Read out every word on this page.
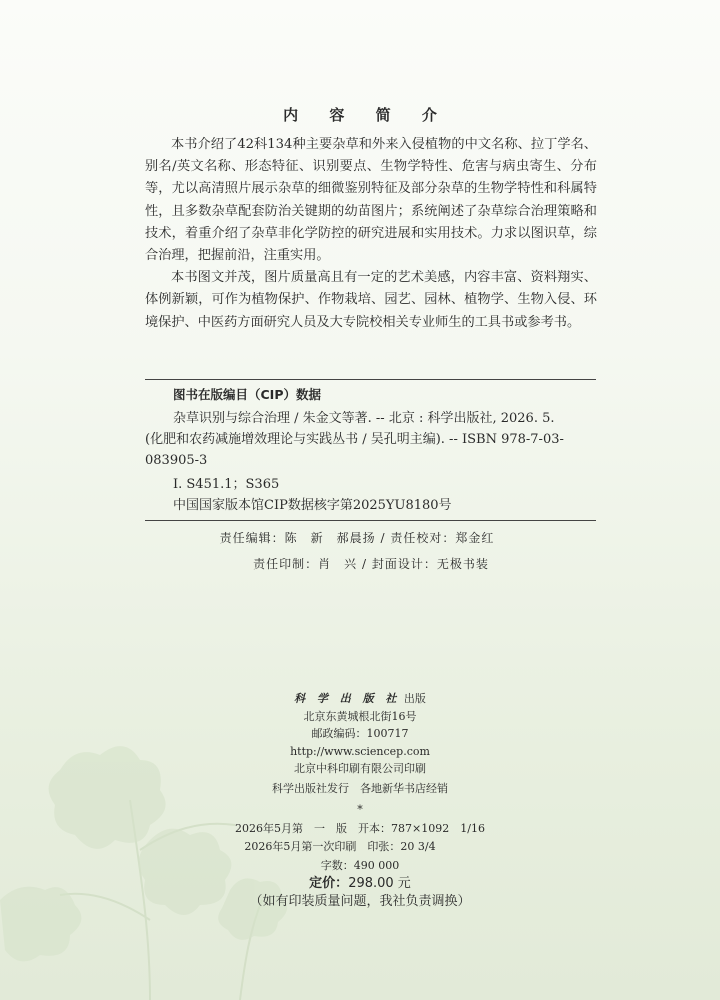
内 容 简 介

本书介绍了42科134种主要杂草和外来入侵植物的中文名称、拉丁学名、别名/英文名称、形态特征、识别要点、生物学特性、危害与病虫寄生、分布等，尤以高清照片展示杂草的细微鉴别特征及部分杂草的生物学特性和科属特性，且多数杂草配套防治关键期的幼苗图片；系统阐述了杂草综合治理策略和技术，着重介绍了杂草非化学防控的研究进展和实用技术。力求以图识草，综合治理，把握前沿，注重实用。

本书图文并茂，图片质量高且有一定的艺术美感，内容丰富、资料翔实、体例新颖，可作为植物保护、作物栽培、园艺、园林、植物学、生物入侵、环境保护、中医药方面研究人员及大专院校相关专业师生的工具书或参考书。

图书在版编目（CIP）数据
杂草识别与综合治理 / 朱金文等著. -- 北京 : 科学出版社, 2026. 5.
(化肥和农药减施增效理论与实践丛书 / 吴孔明主编). -- ISBN 978-7-03-
083905-3
Ⅰ. S451.1；S365
中国国家版本馆CIP数据核字第2025YU8180号
责任编辑：陈　新　郝晨扬 / 责任校对：郑金红
责任印制：肖　兴 / 封面设计：无极书装
科 学 出 版 社 出版
北京东黄城根北街16号
邮政编码：100717
http://www.sciencep.com
北京中科印刷有限公司印刷
科学出版社发行　各地新华书店经销
*
2026年5月第　一　版　开本：787×1092　1/16
2026年5月第一次印刷　印张：20 3/4
字数：490 000
定价：298.00 元
（如有印装质量问题，我社负责调换）
